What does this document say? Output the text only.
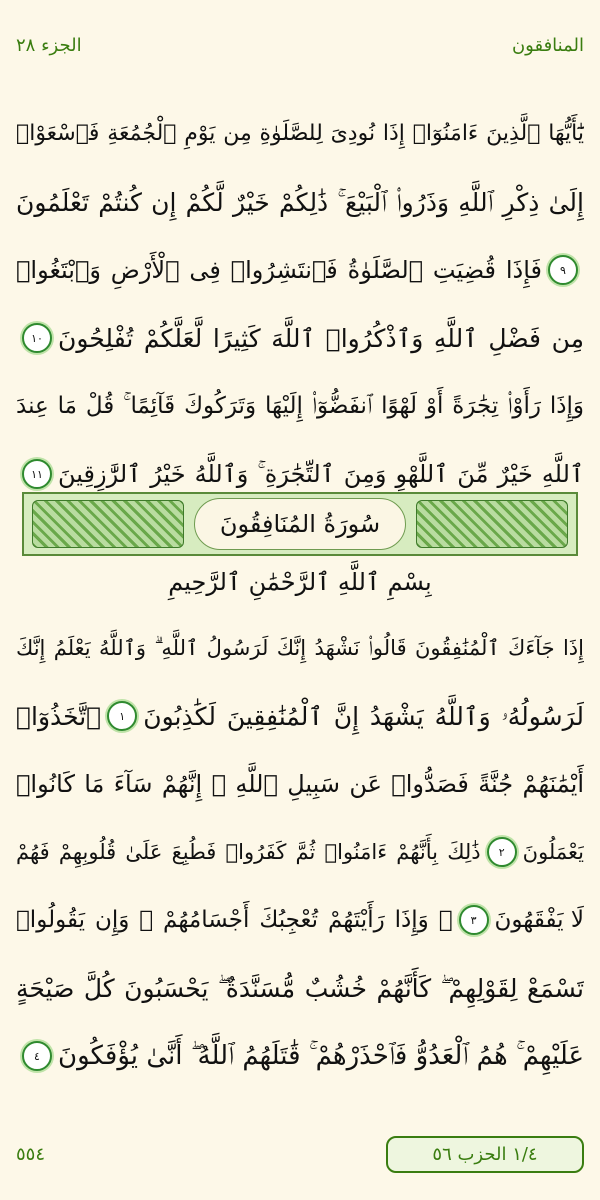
الجزء ٢٨	المنافقون
يَٰٓأَيُّهَا ٱلَّذِينَ ءَامَنُوٓا۟ إِذَا نُودِىَ لِلصَّلَوٰةِ مِن يَوْمِ ٱلْجُمُعَةِ فَٱسْعَوْا۟
إِلَىٰ ذِكْرِ ٱللَّهِ وَذَرُوا۟ ٱلْبَيْعَ ۚ ذَٰلِكُمْ خَيْرٌ لَّكُمْ إِن كُنتُمْ تَعْلَمُونَ
٩
فَإِذَا قُضِيَتِ ٱلصَّلَوٰةُ فَٱنتَشِرُوا۟ فِى ٱلْأَرْضِ وَٱبْتَغُوا۟
مِن فَضْلِ ٱللَّهِ وَٱذْكُرُوا۟ ٱللَّهَ كَثِيرًا لَّعَلَّكُمْ تُفْلِحُونَ
١٠
وَإِذَا رَأَوْا۟ تِجَٰرَةً أَوْ لَهْوًا ٱنفَضُّوٓا۟ إِلَيْهَا وَتَرَكُوكَ قَآئِمًا ۚ قُلْ مَا عِندَ
ٱللَّهِ خَيْرٌ مِّنَ ٱللَّهْوِ وَمِنَ ٱلتِّجَٰرَةِ ۚ وَٱللَّهُ خَيْرُ ٱلرَّٰزِقِينَ
١١
سُورَةُ المُنَافِقُونَ
بِسْمِ ٱللَّهِ ٱلرَّحْمَٰنِ ٱلرَّحِيمِ
إِذَا جَآءَكَ ٱلْمُنَٰفِقُونَ قَالُوا۟ نَشْهَدُ إِنَّكَ لَرَسُولُ ٱللَّهِ ۗ وَٱللَّهُ يَعْلَمُ إِنَّكَ
لَرَسُولُهُۥ وَٱللَّهُ يَشْهَدُ إِنَّ ٱلْمُنَٰفِقِينَ لَكَٰذِبُونَ
١
ٱتَّخَذُوٓا۟
أَيْمَٰنَهُمْ جُنَّةً فَصَدُّوا۟ عَن سَبِيلِ ٱللَّهِ ۚ إِنَّهُمْ سَآءَ مَا كَانُوا۟
يَعْمَلُونَ
٢
ذَٰلِكَ بِأَنَّهُمْ ءَامَنُوا۟ ثُمَّ كَفَرُوا۟ فَطُبِعَ عَلَىٰ قُلُوبِهِمْ فَهُمْ
لَا يَفْقَهُونَ
٣
۞ وَإِذَا رَأَيْتَهُمْ تُعْجِبُكَ أَجْسَامُهُمْ ۖ وَإِن يَقُولُوا۟
تَسْمَعْ لِقَوْلِهِمْ ۖ كَأَنَّهُمْ خُشُبٌ مُّسَنَّدَةٌ ۖ يَحْسَبُونَ كُلَّ صَيْحَةٍ
عَلَيْهِمْ ۚ هُمُ ٱلْعَدُوُّ فَٱحْذَرْهُمْ ۚ قَٰتَلَهُمُ ٱللَّهُ ۖ أَنَّىٰ يُؤْفَكُونَ
٤
٥٥٤	١/٤ الحزب ٥٦
